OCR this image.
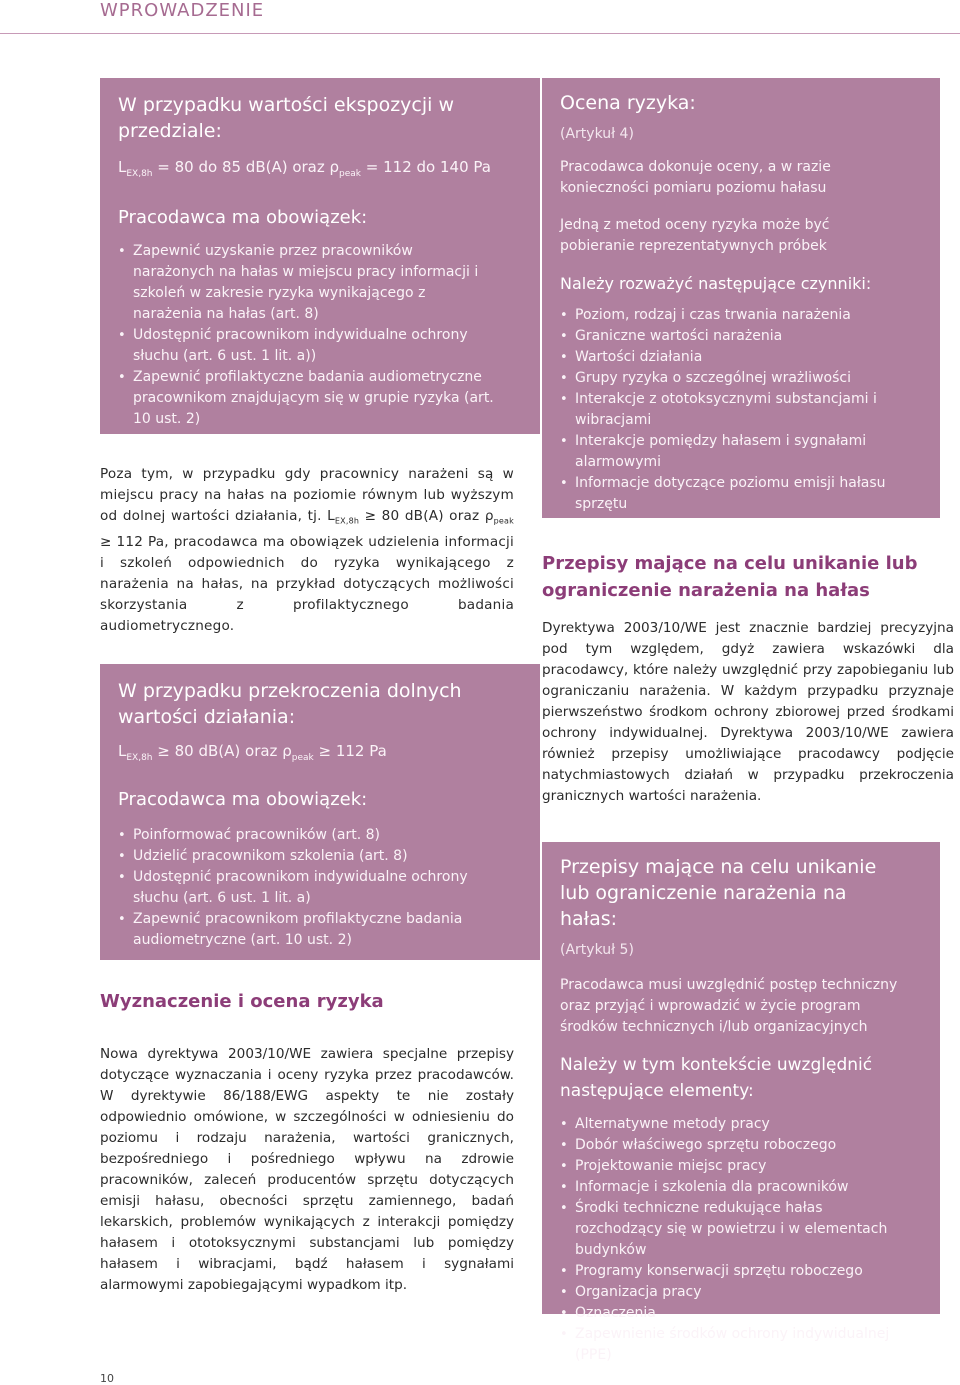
WPROWADZENIE

W przypadku wartości ekspozycji w przedziale:

$L_{EX,8h} = 80$ do 85 dB(A) oraz $\rho_{peak} = 112$ do 140 Pa

Pracodawca ma obowiązek:

• Zapewnić uzyskanie przez pracowników narażonych na hałas w miejscu pracy informacji i szkoleń w zakresie ryzyka wynikającego z narażenia na hałas (art. 8)
• Udostępnić pracownikom indywidualne ochrony słuchu (art. 6 ust. 1 lit. a))
• Zapewnić profilaktyczne badania audiometryczne pracownikom znajdującym się w grupie ryzyka (art. 10 ust. 2)
Poza tym, w przypadku gdy pracownicy narażeni są w miejscu pracy na hałas na poziomie równym lub wyższym od dolnej wartości działania, tj. $L_{EX,8h} \ge 80$ dB(A) oraz $\rho_{peak} \ge 112$ Pa, pracodawca ma obowiązek udzielenia informacji i szkoleń odpowiednich do ryzyka wynikającego z narażenia na hałas, na przykład dotyczących możliwości skorzystania z profilaktycznego badania audiometrycznego.

W przypadku przekroczenia dolnych wartości działania:

$L_{EX,8h} \ge 80$ dB(A) oraz $\rho_{peak} \ge 112$ Pa

Pracodawca ma obowiązek:

• Poinformować pracowników (art. 8)
• Udzielić pracownikom szkolenia (art. 8)
• Udostępnić pracownikom indywidualne ochrony słuchu (art. 6 ust. 1 lit. a)
• Zapewnić pracownikom profilaktyczne badania audiometryczne (art. 10 ust. 2)
Wyznaczenie i ocena ryzyka
Nowa dyrektywa 2003/10/WE zawiera specjalne przepisy dotyczące wyznaczania i oceny ryzyka przez pracodawców. W dyrektywie 86/188/EWG aspekty te nie zostały odpowiednio omówione, w szczególności w odniesieniu do poziomu i rodzaju narażenia, wartości granicznych, bezpośredniego i pośredniego wpływu na zdrowie pracowników, zaleceń producentów sprzętu dotyczących emisji hałasu, obecności sprzętu zamiennego, badań lekarskich, problemów wynikających z interakcji pomiędzy hałasem i ototoksycznymi substancjami lub pomiędzy hałasem i wibracjami, bądź hałasem i sygnałami alarmowymi zapobiegającymi wypadkom itp.

Ocena ryzyka:

(Artykuł 4)

Pracodawca dokonuje oceny, a w razie konieczności pomiaru poziomu hałasu

Jedną z metod oceny ryzyka może być pobieranie reprezentatywnych próbek

Należy rozważyć następujące czynniki:

• Poziom, rodzaj i czas trwania narażenia
• Graniczne wartości narażenia
• Wartości działania
• Grupy ryzyka o szczególnej wrażliwości
• Interakcje z ototoksycznymi substancjami i wibracjami
• Interakcje pomiędzy hałasem i sygnałami alarmowymi
• Informacje dotyczące poziomu emisji hałasu sprzętu
Przepisy mające na celu unikanie lub ograniczenie narażenia na hałas
Dyrektywa 2003/10/WE jest znacznie bardziej precyzyjna pod tym względem, gdyż zawiera wskazówki dla pracodawcy, które należy uwzględnić przy zapobieganiu lub ograniczaniu narażenia. W każdym przypadku przyznaje pierwszeństwo środkom ochrony zbiorowej przed środkami ochrony indywidualnej. Dyrektywa 2003/10/WE zawiera również przepisy umożliwiające pracodawcy podjęcie natychmiastowych działań w przypadku przekroczenia granicznych wartości narażenia.

Przepisy mające na celu unikanie lub ograniczenie narażenia na hałas:

(Artykuł 5)

Pracodawca musi uwzględnić postęp techniczny oraz przyjąć i wprowadzić w życie program środków technicznych i/lub organizacyjnych

Należy w tym kontekście uwzględnić następujące elementy:

• Alternatywne metody pracy
• Dobór właściwego sprzętu roboczego
• Projektowanie miejsc pracy
• Informacje i szkolenia dla pracowników
• Środki techniczne redukujące hałas rozchodzący się w powietrzu i w elementach budynków
• Programy konserwacji sprzętu roboczego
• Organizacja pracy
• Oznaczenia
• Zapewnienie środków ochrony indywidualnej (PPE)
10
